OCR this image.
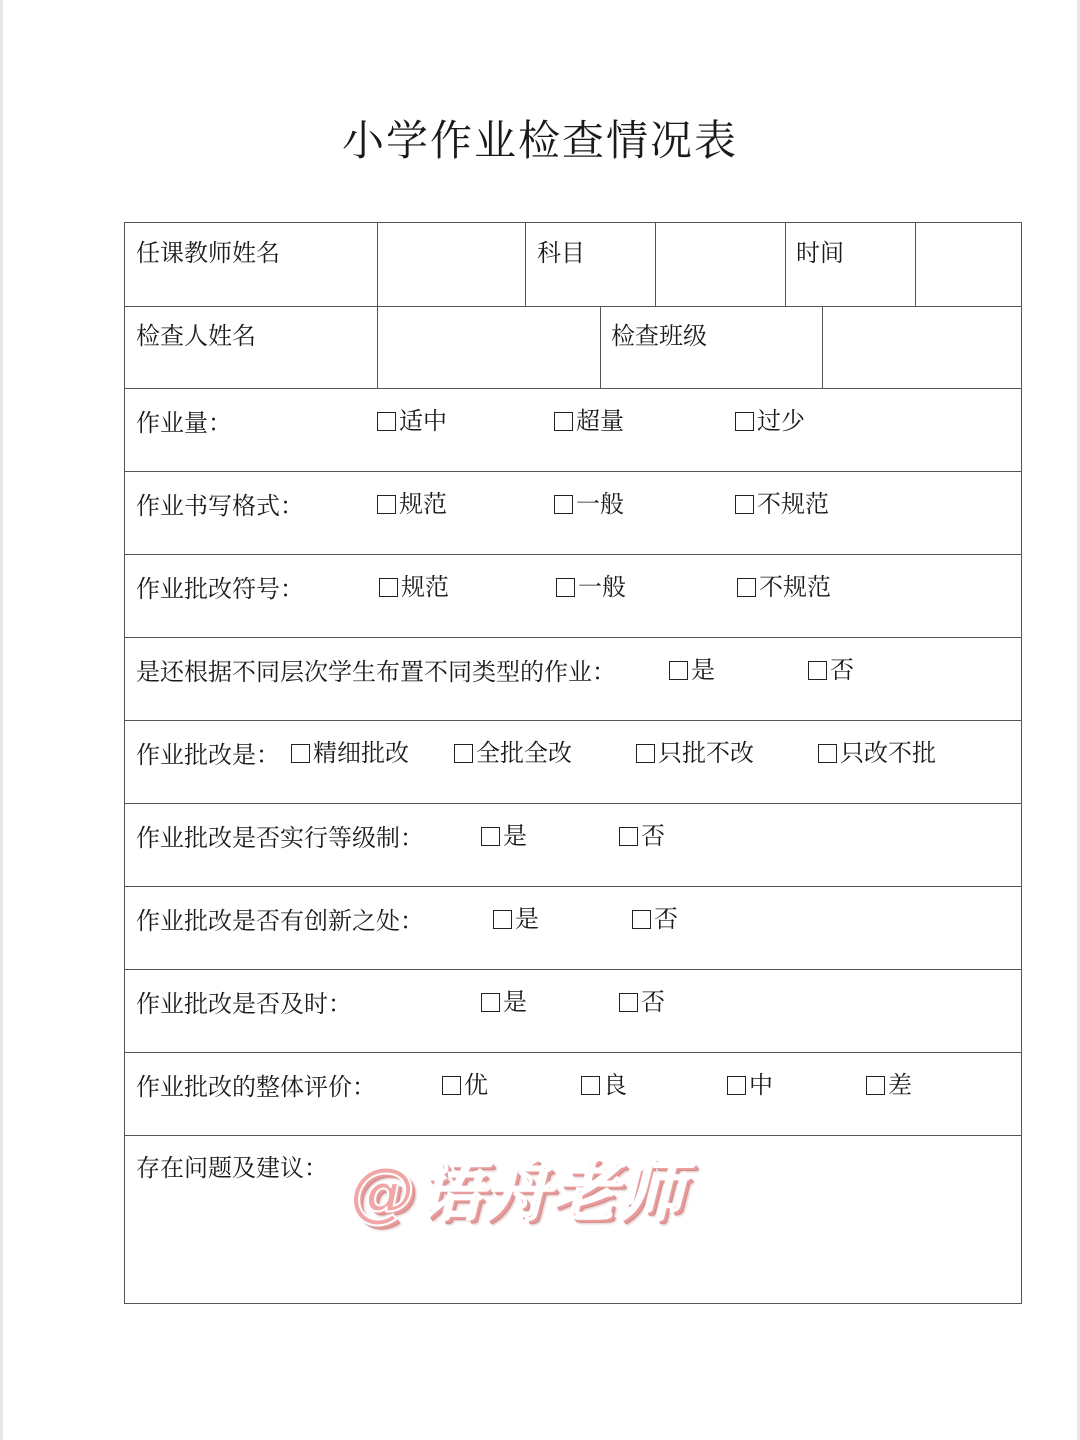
小学作业检查情况表
任课教师姓名	科目	时间
检查人姓名	检查班级
作业量：	适中	超量	过少
作业书写格式：	规范	一般	不规范
作业批改符号：	规范	一般	不规范
是还根据不同层次学生布置不同类型的作业：	是	否
作业批改是： 精细批改	全批全改	只批不改	只改不批
作业批改是否实行等级制：	是	否
作业批改是否有创新之处：	是	否
作业批改是否及时：	是	否
作业批改的整体评价：	优	良	中	差
存在问题及建议： @语舟老师
